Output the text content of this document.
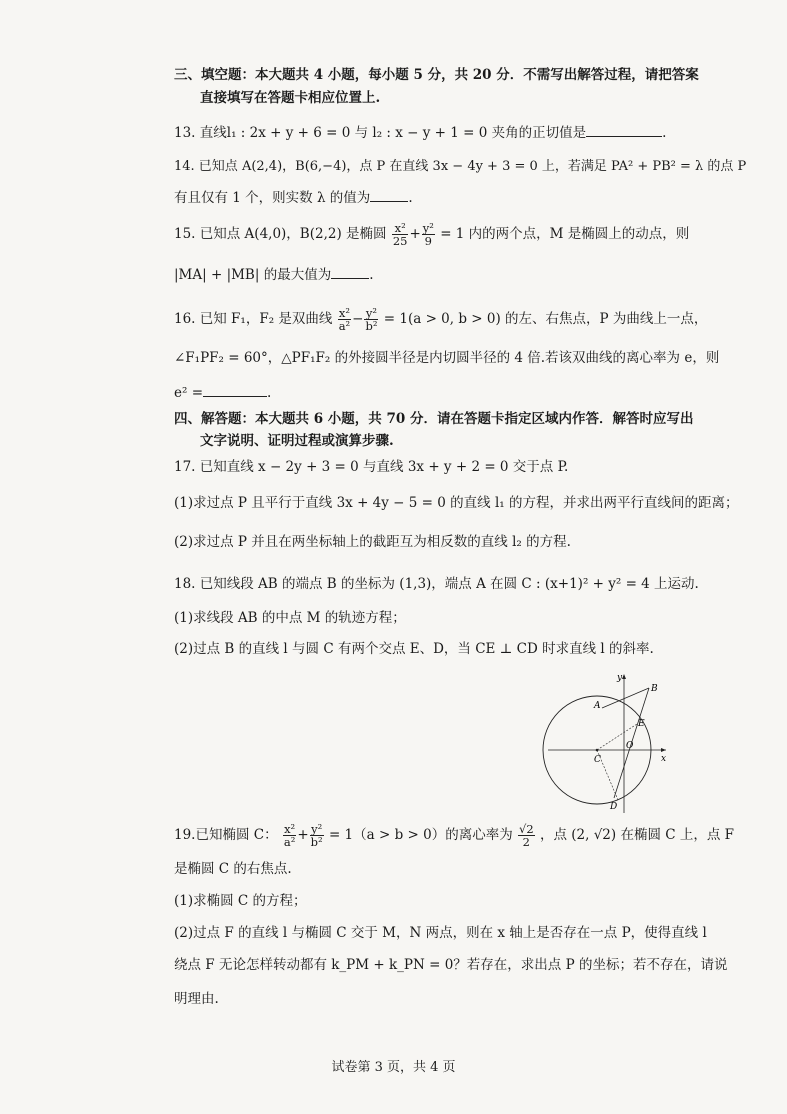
三、填空题：本大题共 4 小题，每小题 5 分，共 20 分．不需写出解答过程，请把答案
直接填写在答题卡相应位置上.
13. 直线l₁ : 2x + y + 6 = 0 与 l₂ : x − y + 1 = 0 夹角的正切值是	.
14. 已知点 A(2,4)，B(6,−4)，点 P 在直线 3x − 4y + 3 = 0 上，若满足 PA² + PB² = λ 的点 P
有且仅有 1 个，则实数 λ 的值为	.
15. 已知点 A(4,0)，B(2,2) 是椭圆 $\frac{\text{x²}}{25} + \frac{\text{y²}}{9} = 1$ 内的两个点，M 是椭圆上的动点，则
|MA| + |MB| 的最大值为	.
16. 已知 F₁，F₂ 是双曲线 $\frac{\text{x²}}{\text{a²}} - \frac{\text{y²}}{\text{b²}} = 1(a > 0$, b > 0) 的左、右焦点，P 为曲线上一点，
∠F₁PF₂ = 60°，△PF₁F₂ 的外接圆半径是内切圆半径的 4 倍.若该双曲线的离心率为 e，则
e² =	.
四、解答题：本大题共 6 小题，共 70 分．请在答题卡指定区域内作答．解答时应写出
文字说明、证明过程或演算步骤.
17. 已知直线 x − 2y + 3 = 0 与直线 3x + y + 2 = 0 交于点 P.
(1)求过点 P 且平行于直线 3x + 4y − 5 = 0 的直线 l₁ 的方程，并求出两平行直线间的距离；
(2)求过点 P 并且在两坐标轴上的截距互为相反数的直线 l₂ 的方程.
18. 已知线段 AB 的端点 B 的坐标为 (1,3)，端点 A 在圆 C : (x+1)² + y² = 4 上运动.
(1)求线段 AB 的中点 M 的轨迹方程；
(2)过点 B 的直线 l 与圆 C 有两个交点 E、D，当 CE ⊥ CD 时求直线 l 的斜率.
y
x
B
A
E
O
C
D
19.已知椭圆 C： $\frac{\text{x²}}{\text{a²}} + \frac{\text{y²}}{\text{b²}} = 1(a > b > 0)$的离心率为 $\frac{√2}{2}$ ，点 (2, √2) 在椭圆 C 上，点 F
是椭圆 C 的右焦点.
(1)求椭圆 C 的方程；
(2)过点 F 的直线 l 与椭圆 C 交于 M，N 两点，则在 x 轴上是否存在一点 P，使得直线 l
绕点 F 无论怎样转动都有 k_PM + k_PN = 0？若存在，求出点 P 的坐标；若不存在，请说
明理由.
试卷第 3 页，共 4 页
